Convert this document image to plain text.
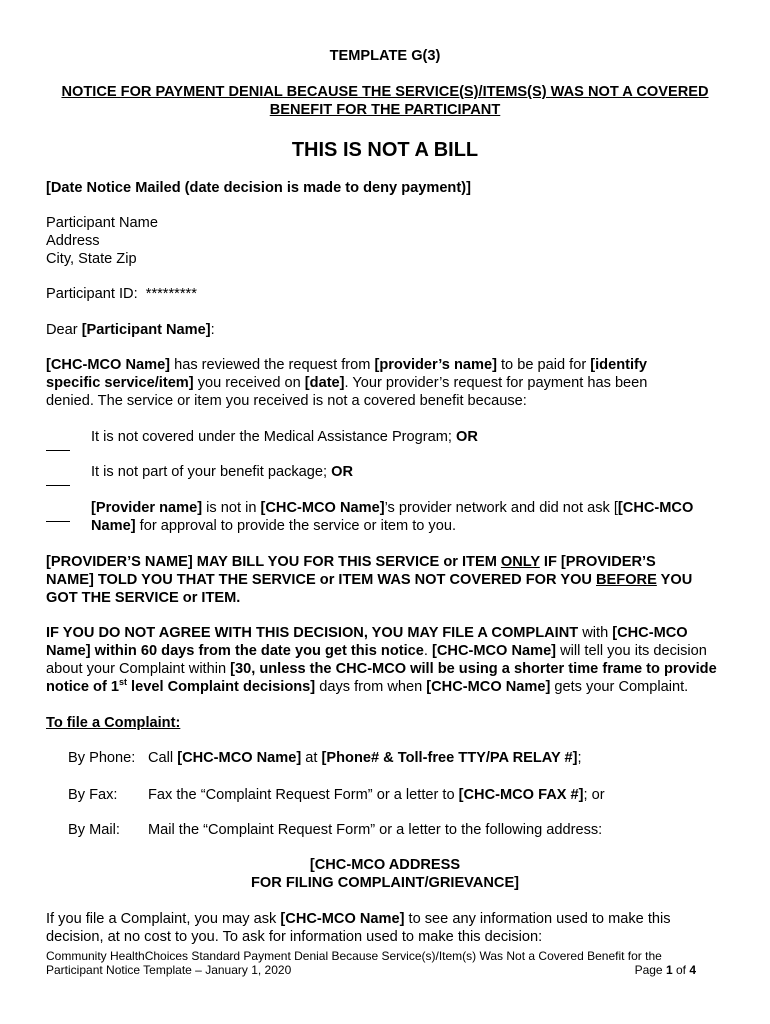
TEMPLATE G(3)
NOTICE FOR PAYMENT DENIAL BECAUSE THE SERVICE(S)/ITEMS(S) WAS NOT A COVERED
BENEFIT FOR THE PARTICIPANT
THIS IS NOT A BILL
[Date Notice Mailed (date decision is made to deny payment)]
Participant Name
Address
City, State Zip
Participant ID: *********
Dear [Participant Name]:
[CHC-MCO Name] has reviewed the request from [provider’s name] to be paid for [identify
specific service/item] you received on [date]. Your provider’s request for payment has been
denied. The service or item you received is not a covered benefit because:
It is not covered under the Medical Assistance Program; OR
It is not part of your benefit package; OR
[Provider name] is not in [CHC-MCO Name]’s provider network and did not ask [[CHC-MCO
Name] for approval to provide the service or item to you.
[PROVIDER’S NAME] MAY BILL YOU FOR THIS SERVICE or ITEM ONLY IF [PROVIDER’S
NAME] TOLD YOU THAT THE SERVICE or ITEM WAS NOT COVERED FOR YOU BEFORE YOU
GOT THE SERVICE or ITEM.
IF YOU DO NOT AGREE WITH THIS DECISION, YOU MAY FILE A COMPLAINT with [CHC-MCO
Name] within 60 days from the date you get this notice. [CHC-MCO Name] will tell you its decision
about your Complaint within [30, unless the CHC-MCO will be using a shorter time frame to provide
notice of 1st level Complaint decisions] days from when [CHC-MCO Name] gets your Complaint.
To file a Complaint:
By Phone: Call [CHC-MCO Name] at [Phone# & Toll-free TTY/PA RELAY #];
By Fax: Fax the “Complaint Request Form” or a letter to [CHC-MCO FAX #]; or
By Mail: Mail the “Complaint Request Form” or a letter to the following address:
[CHC-MCO ADDRESS
FOR FILING COMPLAINT/GRIEVANCE]
If you file a Complaint, you may ask [CHC-MCO Name] to see any information used to make this
decision, at no cost to you. To ask for information used to make this decision:
Community HealthChoices Standard Payment Denial Because Service(s)/Item(s) Was Not a Covered Benefit for the
Participant Notice Template – January 1, 2020	Page 1 of 4
